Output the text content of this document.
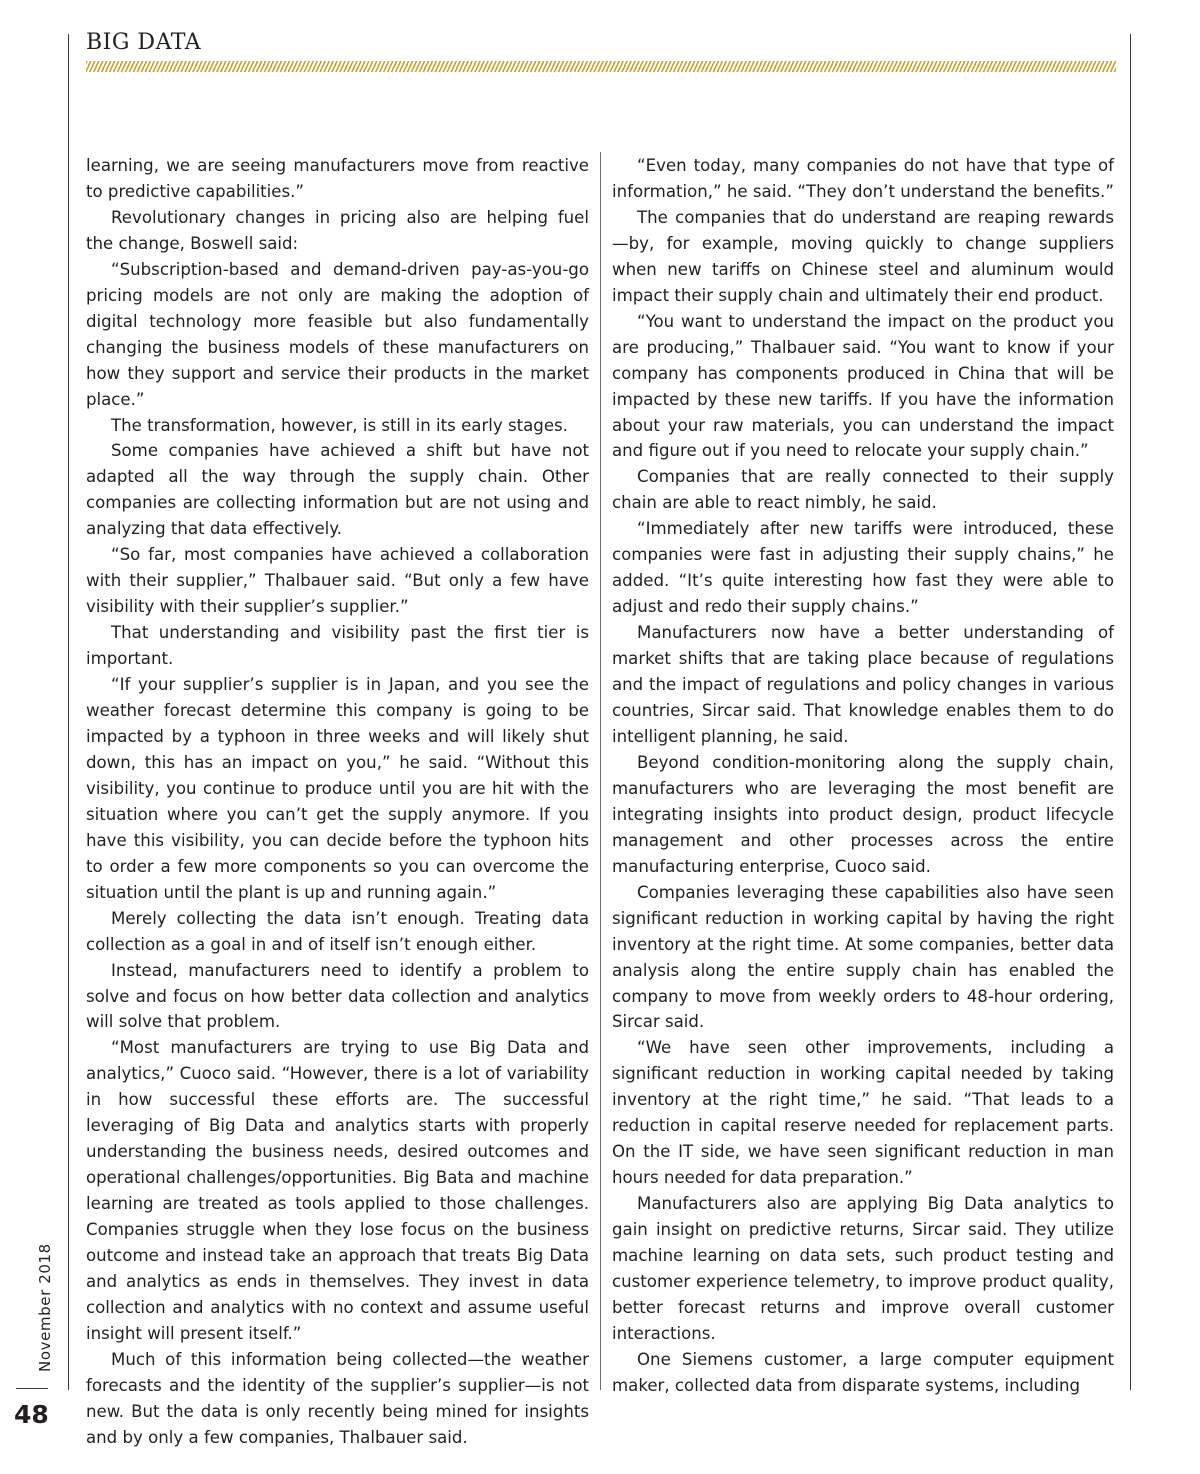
BIG DATA

learning, we are seeing manufacturers move from reactive to predictive capabilities.”

Revolutionary changes in pricing also are helping fuel the change, Boswell said:

“Subscription-based and demand-driven pay-as-you-go pricing models are not only are making the adoption of digital technology more feasible but also fundamentally changing the business models of these manufacturers on how they support and service their products in the market place.”

The transformation, however, is still in its early stages.

Some companies have achieved a shift but have not adapted all the way through the supply chain. Other companies are collecting information but are not using and analyzing that data effectively.

“So far, most companies have achieved a collaboration with their supplier,” Thalbauer said. “But only a few have visibility with their supplier’s supplier.”

That understanding and visibility past the first tier is important.

“If your supplier’s supplier is in Japan, and you see the weather forecast determine this company is going to be impacted by a typhoon in three weeks and will likely shut down, this has an impact on you,” he said. “Without this visibility, you continue to produce until you are hit with the situation where you can’t get the supply anymore. If you have this visibility, you can decide before the typhoon hits to order a few more components so you can overcome the situation until the plant is up and running again.”

Merely collecting the data isn’t enough. Treating data collection as a goal in and of itself isn’t enough either.

Instead, manufacturers need to identify a problem to solve and focus on how better data collection and analytics will solve that problem.

“Most manufacturers are trying to use Big Data and analytics,” Cuoco said. “However, there is a lot of variability in how successful these efforts are. The successful leveraging of Big Data and analytics starts with properly understanding the business needs, desired outcomes and operational challenges/opportunities. Big Bata and machine learning are treated as tools applied to those challenges. Companies struggle when they lose focus on the business outcome and instead take an approach that treats Big Data and analytics as ends in themselves. They invest in data collection and analytics with no context and assume useful insight will present itself.”

Much of this information being collected—the weather forecasts and the identity of the supplier’s supplier—is not new. But the data is only recently being mined for insights and by only a few companies, Thalbauer said.

“Even today, many companies do not have that type of information,” he said. “They don’t understand the benefits.”

The companies that do understand are reaping rewards—by, for example, moving quickly to change suppliers when new tariffs on Chinese steel and aluminum would impact their supply chain and ultimately their end product.

“You want to understand the impact on the product you are producing,” Thalbauer said. “You want to know if your company has components produced in China that will be impacted by these new tariffs. If you have the information about your raw materials, you can understand the impact and figure out if you need to relocate your supply chain.”

Companies that are really connected to their supply chain are able to react nimbly, he said.

“Immediately after new tariffs were introduced, these companies were fast in adjusting their supply chains,” he added. “It’s quite interesting how fast they were able to adjust and redo their supply chains.”

Manufacturers now have a better understanding of market shifts that are taking place because of regulations and the impact of regulations and policy changes in various countries, Sircar said. That knowledge enables them to do intelligent planning, he said.

Beyond condition-monitoring along the supply chain, manufacturers who are leveraging the most benefit are integrating insights into product design, product lifecycle management and other processes across the entire manufacturing enterprise, Cuoco said.

Companies leveraging these capabilities also have seen significant reduction in working capital by having the right inventory at the right time. At some companies, better data analysis along the entire supply chain has enabled the company to move from weekly orders to 48-hour ordering, Sircar said.

“We have seen other improvements, including a significant reduction in working capital needed by taking inventory at the right time,” he said. “That leads to a reduction in capital reserve needed for replacement parts. On the IT side, we have seen significant reduction in man hours needed for data preparation.”

Manufacturers also are applying Big Data analytics to gain insight on predictive returns, Sircar said. They utilize machine learning on data sets, such product testing and customer experience telemetry, to improve product quality, better forecast returns and improve overall customer interactions.

One Siemens customer, a large computer equipment maker, collected data from disparate systems, including

November 2018
48
